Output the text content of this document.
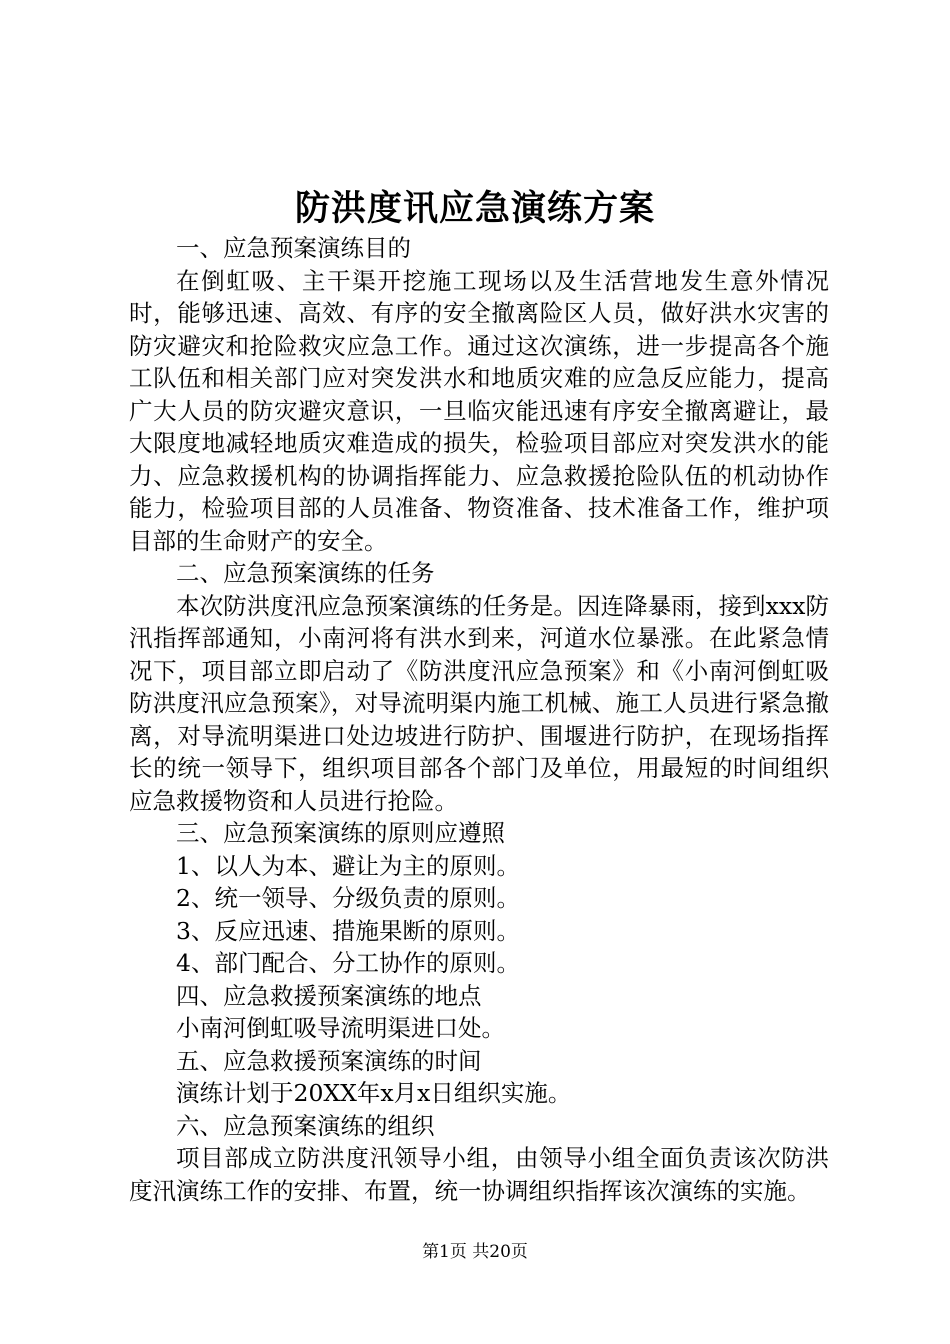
防洪度讯应急演练方案
一、应急预案演练目的
在倒虹吸、主干渠开挖施工现场以及生活营地发生意外情况时，能够迅速、高效、有序的安全撤离险区人员，做好洪水灾害的防灾避灾和抢险救灾应急工作。通过这次演练，进一步提高各个施工队伍和相关部门应对突发洪水和地质灾难的应急反应能力，提高广大人员的防灾避灾意识，一旦临灾能迅速有序安全撤离避让，最大限度地减轻地质灾难造成的损失，检验项目部应对突发洪水的能力、应急救援机构的协调指挥能力、应急救援抢险队伍的机动协作能力，检验项目部的人员准备、物资准备、技术准备工作，维护项目部的生命财产的安全。
二、应急预案演练的任务
本次防洪度汛应急预案演练的任务是。因连降暴雨，接到xxx防汛指挥部通知，小南河将有洪水到来，河道水位暴涨。在此紧急情况下，项目部立即启动了《防洪度汛应急预案》和《小南河倒虹吸防洪度汛应急预案》，对导流明渠内施工机械、施工人员进行紧急撤离，对导流明渠进口处边坡进行防护、围堰进行防护，在现场指挥长的统一领导下，组织项目部各个部门及单位，用最短的时间组织应急救援物资和人员进行抢险。
三、应急预案演练的原则应遵照
1、以人为本、避让为主的原则。
2、统一领导、分级负责的原则。
3、反应迅速、措施果断的原则。
4、部门配合、分工协作的原则。
四、应急救援预案演练的地点
小南河倒虹吸导流明渠进口处。
五、应急救援预案演练的时间
演练计划于20XX年x月x日组织实施。
六、应急预案演练的组织
项目部成立防洪度汛领导小组，由领导小组全面负责该次防洪度汛演练工作的安排、布置，统一协调组织指挥该次演练的实施。
第1页 共20页
